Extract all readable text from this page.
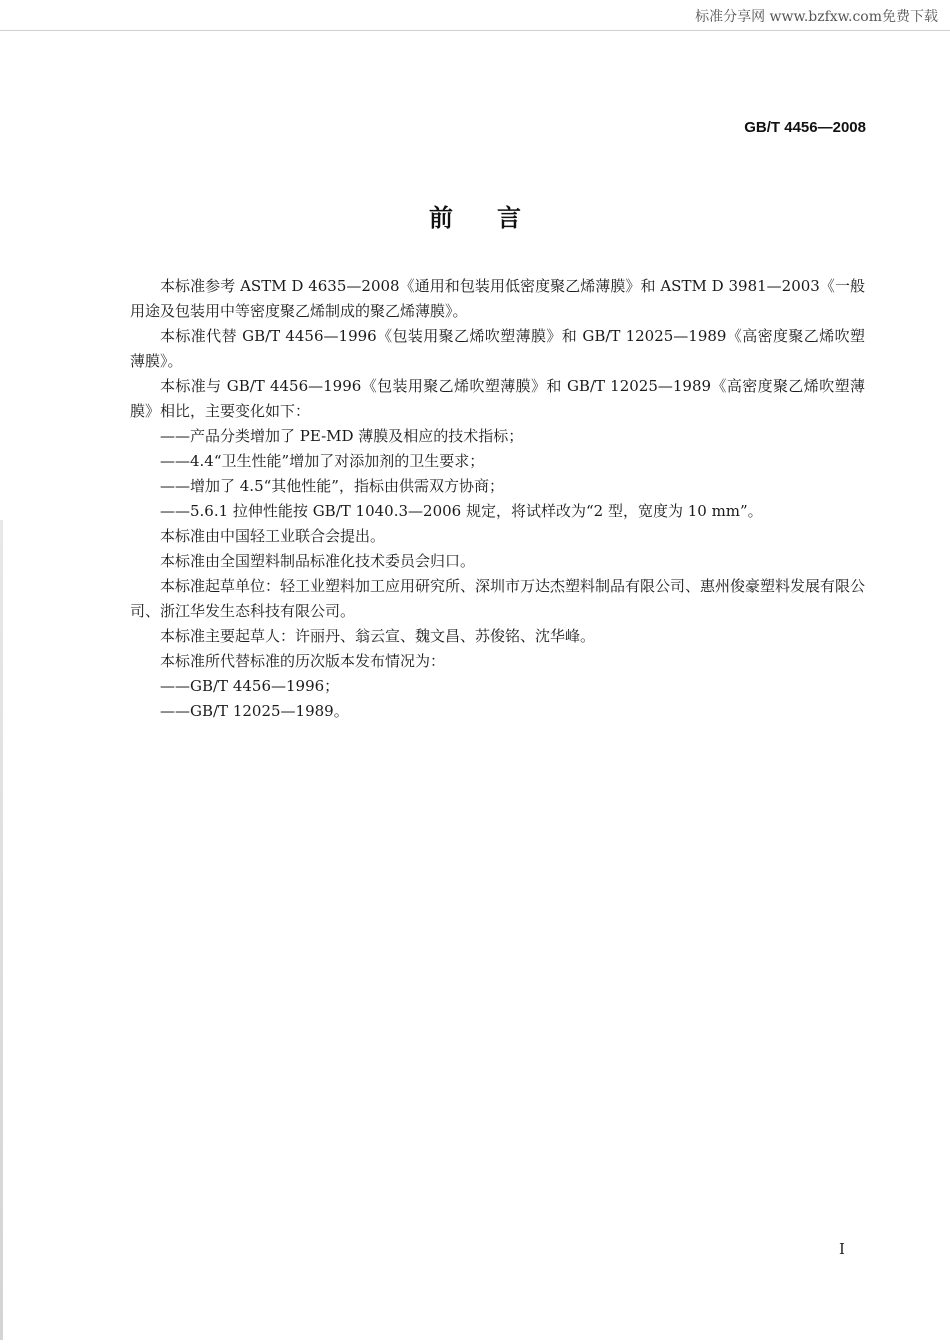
标准分享网 www.bzfxw.com免费下载
GB/T 4456—2008
前言

本标准参考 ASTM D 4635—2008《通用和包装用低密度聚乙烯薄膜》和 ASTM D 3981—2003《一般用途及包装用中等密度聚乙烯制成的聚乙烯薄膜》。

本标准代替 GB/T 4456—1996《包装用聚乙烯吹塑薄膜》和 GB/T 12025—1989《高密度聚乙烯吹塑薄膜》。

本标准与 GB/T 4456—1996《包装用聚乙烯吹塑薄膜》和 GB/T 12025—1989《高密度聚乙烯吹塑薄膜》相比，主要变化如下：

——产品分类增加了 PE-MD 薄膜及相应的技术指标；

——4.4“卫生性能”增加了对添加剂的卫生要求；

——增加了 4.5“其他性能”，指标由供需双方协商；

——5.6.1 拉伸性能按 GB/T 1040.3—2006 规定，将试样改为“2 型，宽度为 10 mm”。

本标准由中国轻工业联合会提出。

本标准由全国塑料制品标准化技术委员会归口。

本标准起草单位：轻工业塑料加工应用研究所、深圳市万达杰塑料制品有限公司、惠州俊豪塑料发展有限公司、浙江华发生态科技有限公司。

本标准主要起草人：许丽丹、翁云宣、魏文昌、苏俊铭、沈华峰。

本标准所代替标准的历次版本发布情况为：

——GB/T 4456—1996；

——GB/T 12025—1989。

I
